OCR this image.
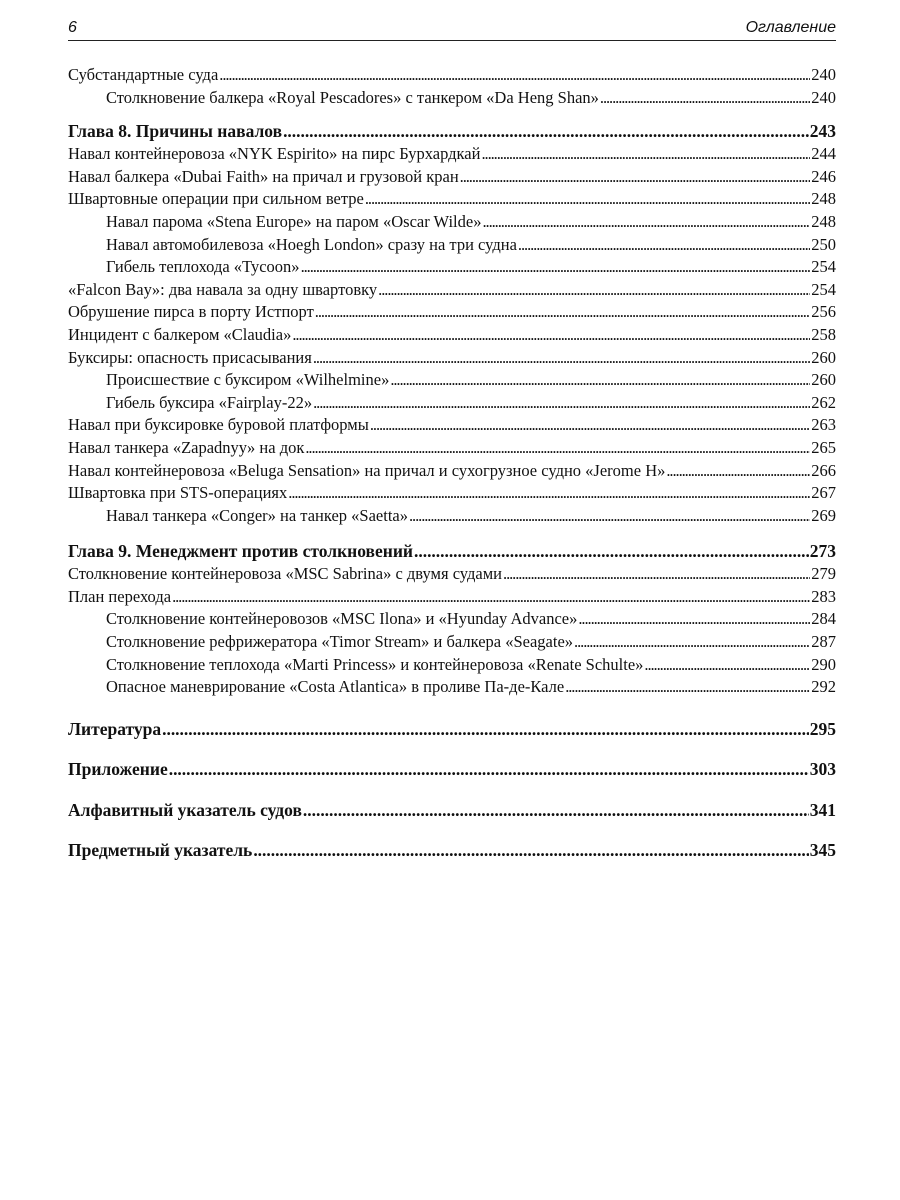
6	Оглавление
Субстандартные суда . . .	240
Столкновение балкера «Royal Pescadores» с танкером «Da Heng Shan» . . .	240
Глава 8. Причины навалов . . .	243
Навал контейнеровоза «NYK Espirito» на пирс Бурхардкай . . .	244
Навал балкера «Dubai Faith» на причал и грузовой кран . . .	246
Швартовные операции при сильном ветре . . .	248
Навал парома «Stena Europe» на паром «Oscar Wilde» . . .	248
Навал автомобилевоза «Hoegh London» сразу на три судна . . .	250
Гибель теплохода «Tycoon» . . .	254
«Falcon Bay»: два навала за одну швартовку . . .	254
Обрушение пирса в порту Истпорт . . .	256
Инцидент с балкером «Claudia» . . .	258
Буксиры: опасность присасывания . . .	260
Происшествие с буксиром «Wilhelmine» . . .	260
Гибель буксира «Fairplay-22» . . .	262
Навал при буксировке буровой платформы . . .	263
Навал танкера «Zapadnyy» на док . . .	265
Навал контейнеровоза «Beluga Sensation» на причал и сухогрузное судно «Jerome H» . . .	266
Швартовка при STS-операциях . . .	267
Навал танкера «Conger» на танкер «Saetta» . . .	269
Глава 9. Менеджмент против столкновений . . .	273
Столкновение контейнеровоза «MSC Sabrina» с двумя судами . . .	279
План перехода . . .	283
Столкновение контейнеровозов «MSC Ilona» и «Hyunday Advance» . . .	284
Столкновение рефрижератора «Timor Stream» и балкера «Seagate» . . .	287
Столкновение теплохода «Marti Princess» и контейнеровоза «Renate Schulte» . . .	290
Опасное маневрирование «Costa Atlantica» в проливе Па-де-Кале . . .	292
Литература . . .	295
Приложение . . .	303
Алфавитный указатель судов . . .	341
Предметный указатель . . .	345
